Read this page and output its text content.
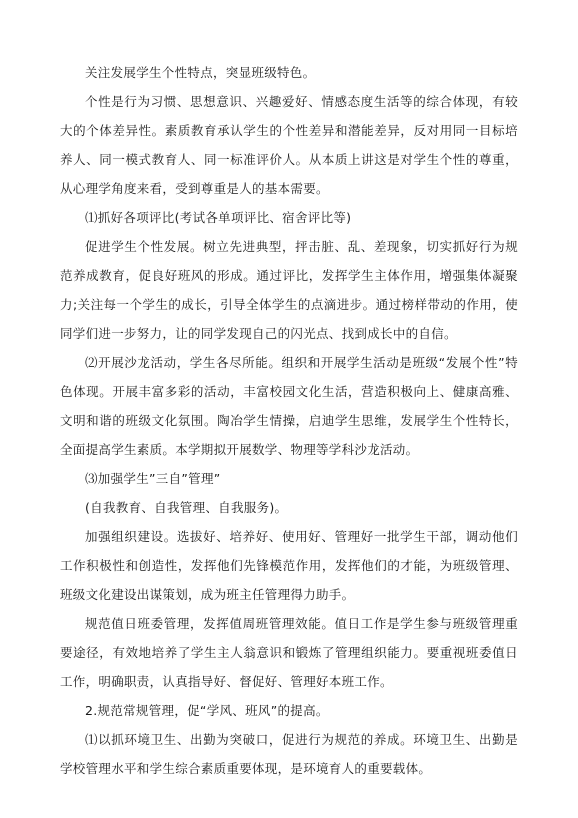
关注发展学生个性特点，突显班级特色。

个性是行为习惯、思想意识、兴趣爱好、情感态度生活等的综合体现，有较大的个体差异性。素质教育承认学生的个性差异和潜能差异，反对用同一目标培养人、同一模式教育人、同一标准评价人。从本质上讲这是对学生个性的尊重，从心理学角度来看，受到尊重是人的基本需要。

⑴抓好各项评比(考试各单项评比、宿舍评比等)

促进学生个性发展。树立先进典型，抨击脏、乱、差现象，切实抓好行为规范养成教育，促良好班风的形成。通过评比，发挥学生主体作用，增强集体凝聚力;关注每一个学生的成长，引导全体学生的点滴进步。通过榜样带动的作用，使同学们进一步努力，让的同学发现自己的闪光点、找到成长中的自信。

⑵开展沙龙活动，学生各尽所能。组织和开展学生活动是班级“发展个性”特色体现。开展丰富多彩的活动，丰富校园文化生活，营造积极向上、健康高雅、文明和谐的班级文化氛围。陶冶学生情操，启迪学生思维，发展学生个性特长，全面提高学生素质。本学期拟开展数学、物理等学科沙龙活动。

⑶加强学生”三自”管理”

(自我教育、自我管理、自我服务)。

加强组织建设。选拔好、培养好、使用好、管理好一批学生干部，调动他们工作积极性和创造性，发挥他们先锋模范作用，发挥他们的才能，为班级管理、班级文化建设出谋策划，成为班主任管理得力助手。

规范值日班委管理，发挥值周班管理效能。值日工作是学生参与班级管理重要途径，有效地培养了学生主人翁意识和锻炼了管理组织能力。要重视班委值日工作，明确职责，认真指导好、督促好、管理好本班工作。

2.规范常规管理，促“学风、班风”的提高。

⑴以抓环境卫生、出勤为突破口，促进行为规范的养成。环境卫生、出勤是学校管理水平和学生综合素质重要体现，是环境育人的重要载体。
